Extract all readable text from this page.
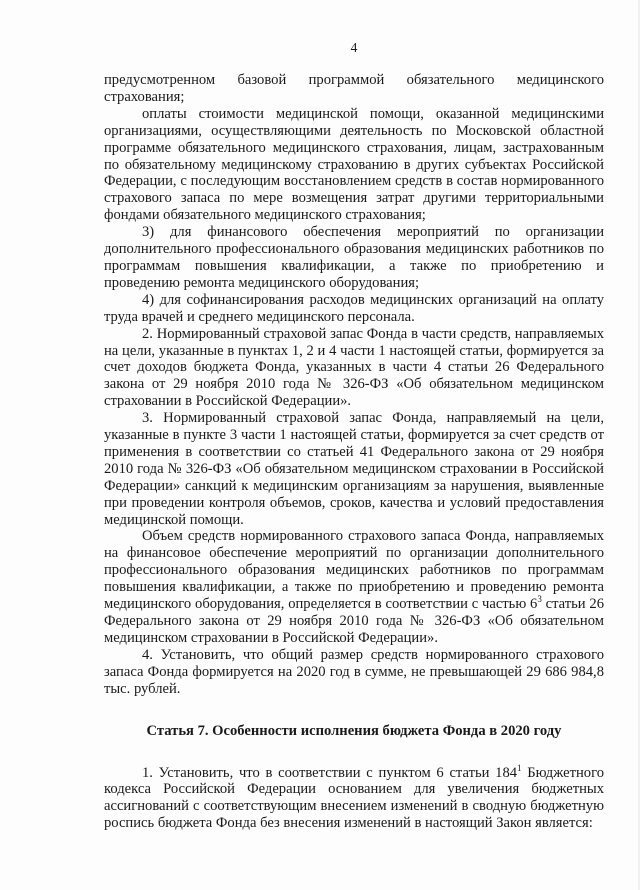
4

предусмотренном базовой программой обязательного медицинского страхования;

оплаты стоимости медицинской помощи, оказанной медицинскими организациями, осуществляющими деятельность по Московской областной программе обязательного медицинского страхования, лицам, застрахованным по обязательному медицинскому страхованию в других субъектах Российской Федерации, с последующим восстановлением средств в состав нормированного страхового запаса по мере возмещения затрат другими территориальными фондами обязательного медицинского страхования;

3) для финансового обеспечения мероприятий по организации дополнительного профессионального образования медицинских работников по программам повышения квалификации, а также по приобретению и проведению ремонта медицинского оборудования;

4) для софинансирования расходов медицинских организаций на оплату труда врачей и среднего медицинского персонала.

2. Нормированный страховой запас Фонда в части средств, направляемых на цели, указанные в пунктах 1, 2 и 4 части 1 настоящей статьи, формируется за счет доходов бюджета Фонда, указанных в части 4 статьи 26 Федерального закона от 29 ноября 2010 года № 326-ФЗ «Об обязательном медицинском страховании в Российской Федерации».

3. Нормированный страховой запас Фонда, направляемый на цели, указанные в пункте 3 части 1 настоящей статьи, формируется за счет средств от применения в соответствии со статьей 41 Федерального закона от 29 ноября 2010 года № 326-ФЗ «Об обязательном медицинском страховании в Российской Федерации» санкций к медицинским организациям за нарушения, выявленные при проведении контроля объемов, сроков, качества и условий предоставления медицинской помощи.

Объем средств нормированного страхового запаса Фонда, направляемых на финансовое обеспечение мероприятий по организации дополнительного профессионального образования медицинских работников по программам повышения квалификации, а также по приобретению и проведению ремонта медицинского оборудования, определяется в соответствии с частью $6^3$ статьи 26 Федерального закона от 29 ноября 2010 года № 326-ФЗ «Об обязательном медицинском страховании в Российской Федерации».

4. Установить, что общий размер средств нормированного страхового запаса Фонда формируется на 2020 год в сумме, не превышающей 29 686 984,8 тыс. рублей.

Статья 7. Особенности исполнения бюджета Фонда в 2020 году

1. Установить, что в соответствии с пунктом 6 статьи $184^1$ Бюджетного кодекса Российской Федерации основанием для увеличения бюджетных ассигнований с соответствующим внесением изменений в сводную бюджетную роспись бюджета Фонда без внесения изменений в настоящий Закон является:
